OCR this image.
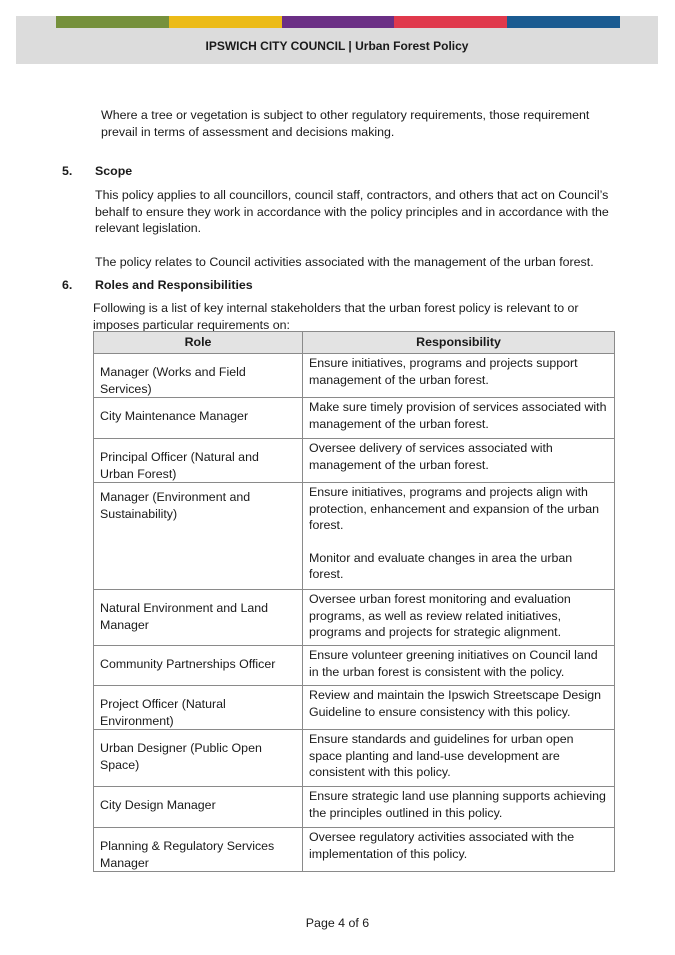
IPSWICH CITY COUNCIL | Urban Forest Policy
Where a tree or vegetation is subject to other regulatory requirements, those requirement prevail in terms of assessment and decisions making.
5. Scope
This policy applies to all councillors, council staff, contractors, and others that act on Council’s behalf to ensure they work in accordance with the policy principles and in accordance with the relevant legislation.
The policy relates to Council activities associated with the management of the urban forest.
6. Roles and Responsibilities
Following is a list of key internal stakeholders that the urban forest policy is relevant to or imposes particular requirements on:
Role	Responsibility
Manager (Works and Field Services)	Ensure initiatives, programs and projects support management of the urban forest.
City Maintenance Manager	Make sure timely provision of services associated with management of the urban forest.
Principal Officer (Natural and Urban Forest)	Oversee delivery of services associated with management of the urban forest.
Manager (Environment and Sustainability)	Ensure initiatives, programs and projects align with protection, enhancement and expansion of the urban forest.
Monitor and evaluate changes in area the urban forest.

Natural Environment and Land Manager	Oversee urban forest monitoring and evaluation programs, as well as review related initiatives, programs and projects for strategic alignment.
Community Partnerships Officer	Ensure volunteer greening initiatives on Council land in the urban forest is consistent with the policy.
Project Officer (Natural Environment)	Review and maintain the Ipswich Streetscape Design Guideline to ensure consistency with this policy.
Urban Designer (Public Open Space)	Ensure standards and guidelines for urban open space planting and land-use development are consistent with this policy.
City Design Manager	Ensure strategic land use planning supports achieving the principles outlined in this policy.
Planning & Regulatory Services Manager	Oversee regulatory activities associated with the implementation of this policy.
Page 4 of 6
